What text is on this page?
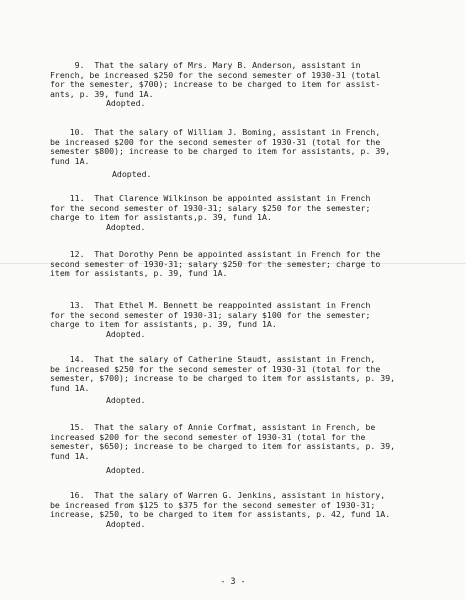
9.  That the salary of Mrs. Mary B. Anderson, assistant in
French, be increased $250 for the second semester of 1930-31 (total
for the semester, $700); increase to be charged to item for assist-
ants, p. 39, fund 1A.
Adopted.
10.  That the salary of William J. Boming, assistant in French,
be increased $200 for the second semester of 1930-31 (total for the
semester $800); increase to be charged to item for assistants, p. 39,
fund 1A.
Adopted.
11.  That Clarence Wilkinson be appointed assistant in French
for the second semester of 1930-31; salary $250 for the semester;
charge to item for assistants,p. 39, fund 1A.
Adopted.
12.  That Dorothy Penn be appointed assistant in French for the
second semester of 1930-31; salary $250 for the semester; charge to
item for assistants, p. 39, fund 1A.
13.  That Ethel M. Bennett be reappointed assistant in French
for the second semester of 1930-31; salary $100 for the semester;
charge to item for assistants, p. 39, fund 1A.
Adopted.
14.  That the salary of Catherine Staudt, assistant in French,
be increased $250 for the second semester of 1930-31 (total for the
semester, $700); increase to be charged to item for assistants, p. 39,
fund 1A.
Adopted.
15.  That the salary of Annie Corfmat, assistant in French, be
increased $200 for the second semester of 1930-31 (total for the
semester, $650); increase to be charged to item for assistants, p. 39,
fund 1A.
Adopted.
16.  That the salary of Warren G. Jenkins, assistant in history,
be increased from $125 to $375 for the second semester of 1930-31;
increase, $250, to be charged to item for assistants, p. 42, fund 1A.
Adopted.
- 3 -
